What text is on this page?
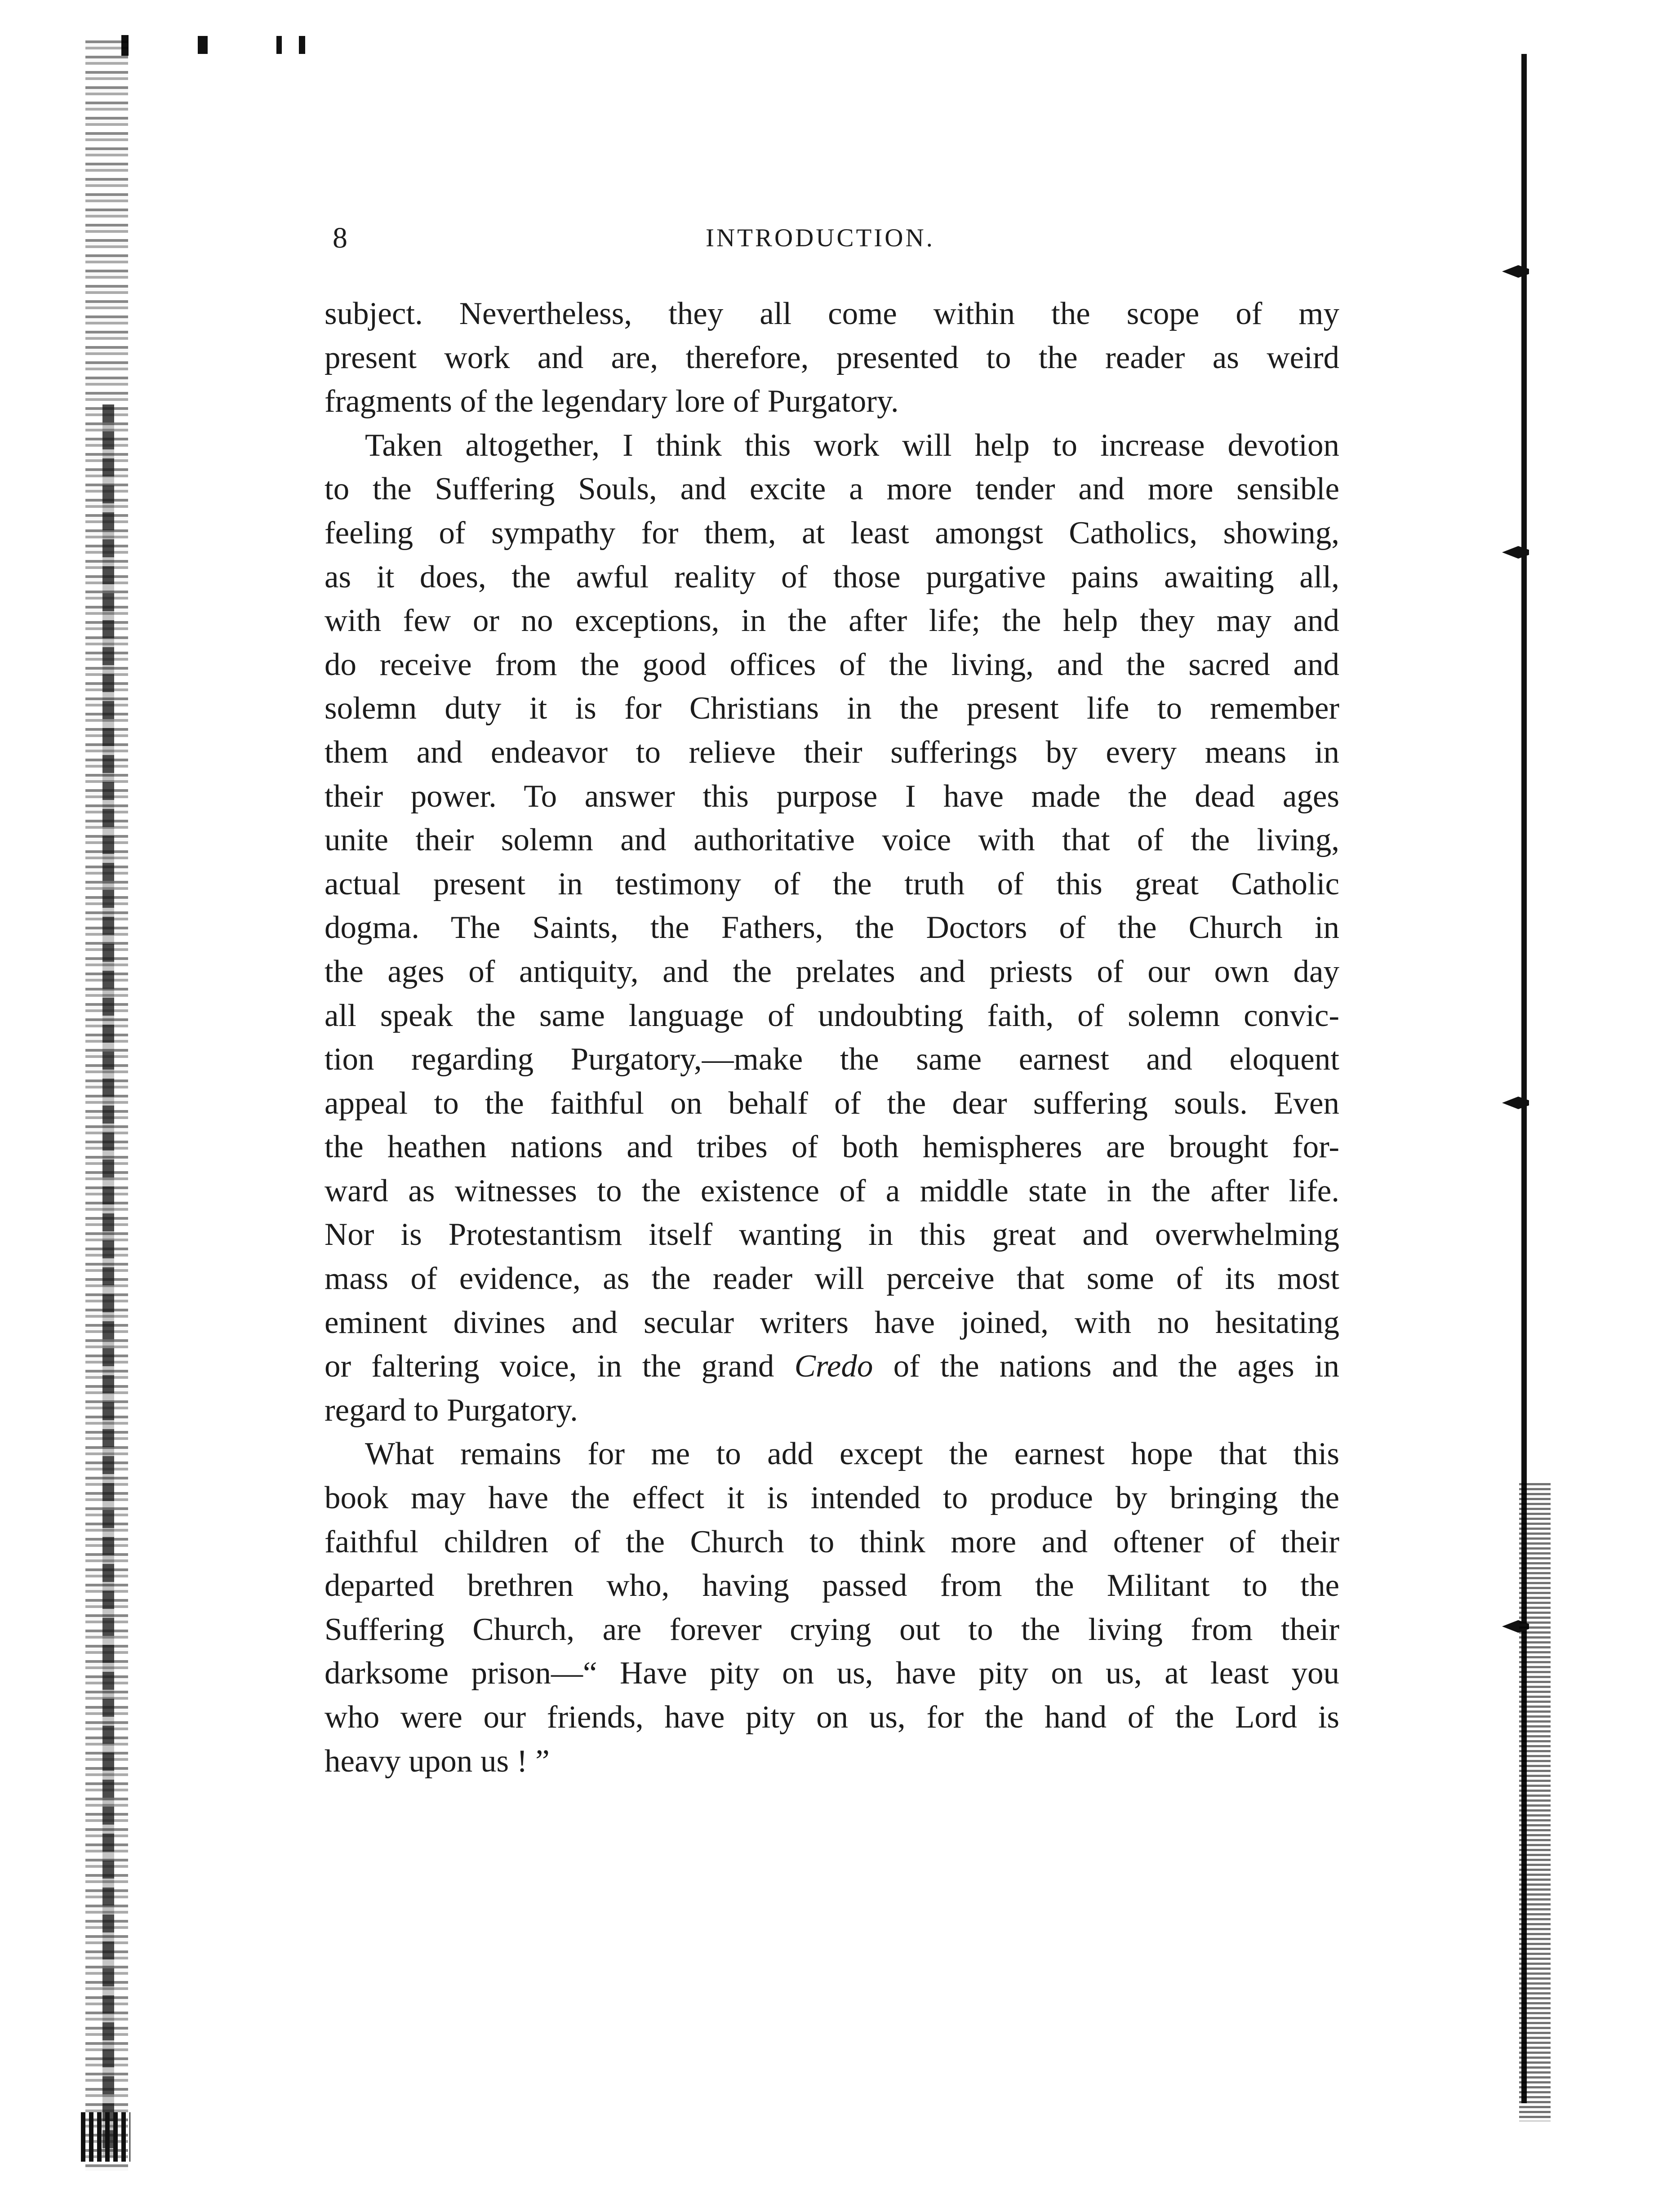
8	INTRODUCTION.
subject. Nevertheless, they all come within the scope of my
present work and are, therefore, presented to the reader as weird
fragments of the legendary lore of Purgatory.
Taken altogether, I think this work will help to increase devotion
to the Suffering Souls, and excite a more tender and more sensible
feeling of sympathy for them, at least amongst Catholics, showing,
as it does, the awful reality of those purgative pains awaiting all,
with few or no exceptions, in the after life; the help they may and
do receive from the good offices of the living, and the sacred and
solemn duty it is for Christians in the present life to remember
them and endeavor to relieve their sufferings by every means in
their power. To answer this purpose I have made the dead ages
unite their solemn and authoritative voice with that of the living,
actual present in testimony of the truth of this great Catholic
dogma. The Saints, the Fathers, the Doctors of the Church in
the ages of antiquity, and the prelates and priests of our own day
all speak the same language of undoubting faith, of solemn convic-
tion regarding Purgatory,—make the same earnest and eloquent
appeal to the faithful on behalf of the dear suffering souls. Even
the heathen nations and tribes of both hemispheres are brought for-
ward as witnesses to the existence of a middle state in the after life.
Nor is Protestantism itself wanting in this great and overwhelming
mass of evidence, as the reader will perceive that some of its most
eminent divines and secular writers have joined, with no hesitating
or faltering voice, in the grand Credo of the nations and the ages in
regard to Purgatory.
What remains for me to add except the earnest hope that this
book may have the effect it is intended to produce by bringing the
faithful children of the Church to think more and oftener of their
departed brethren who, having passed from the Militant to the
Suffering Church, are forever crying out to the living from their
darksome prison—“ Have pity on us, have pity on us, at least you
who were our friends, have pity on us, for the hand of the Lord is
heavy upon us ! ”
